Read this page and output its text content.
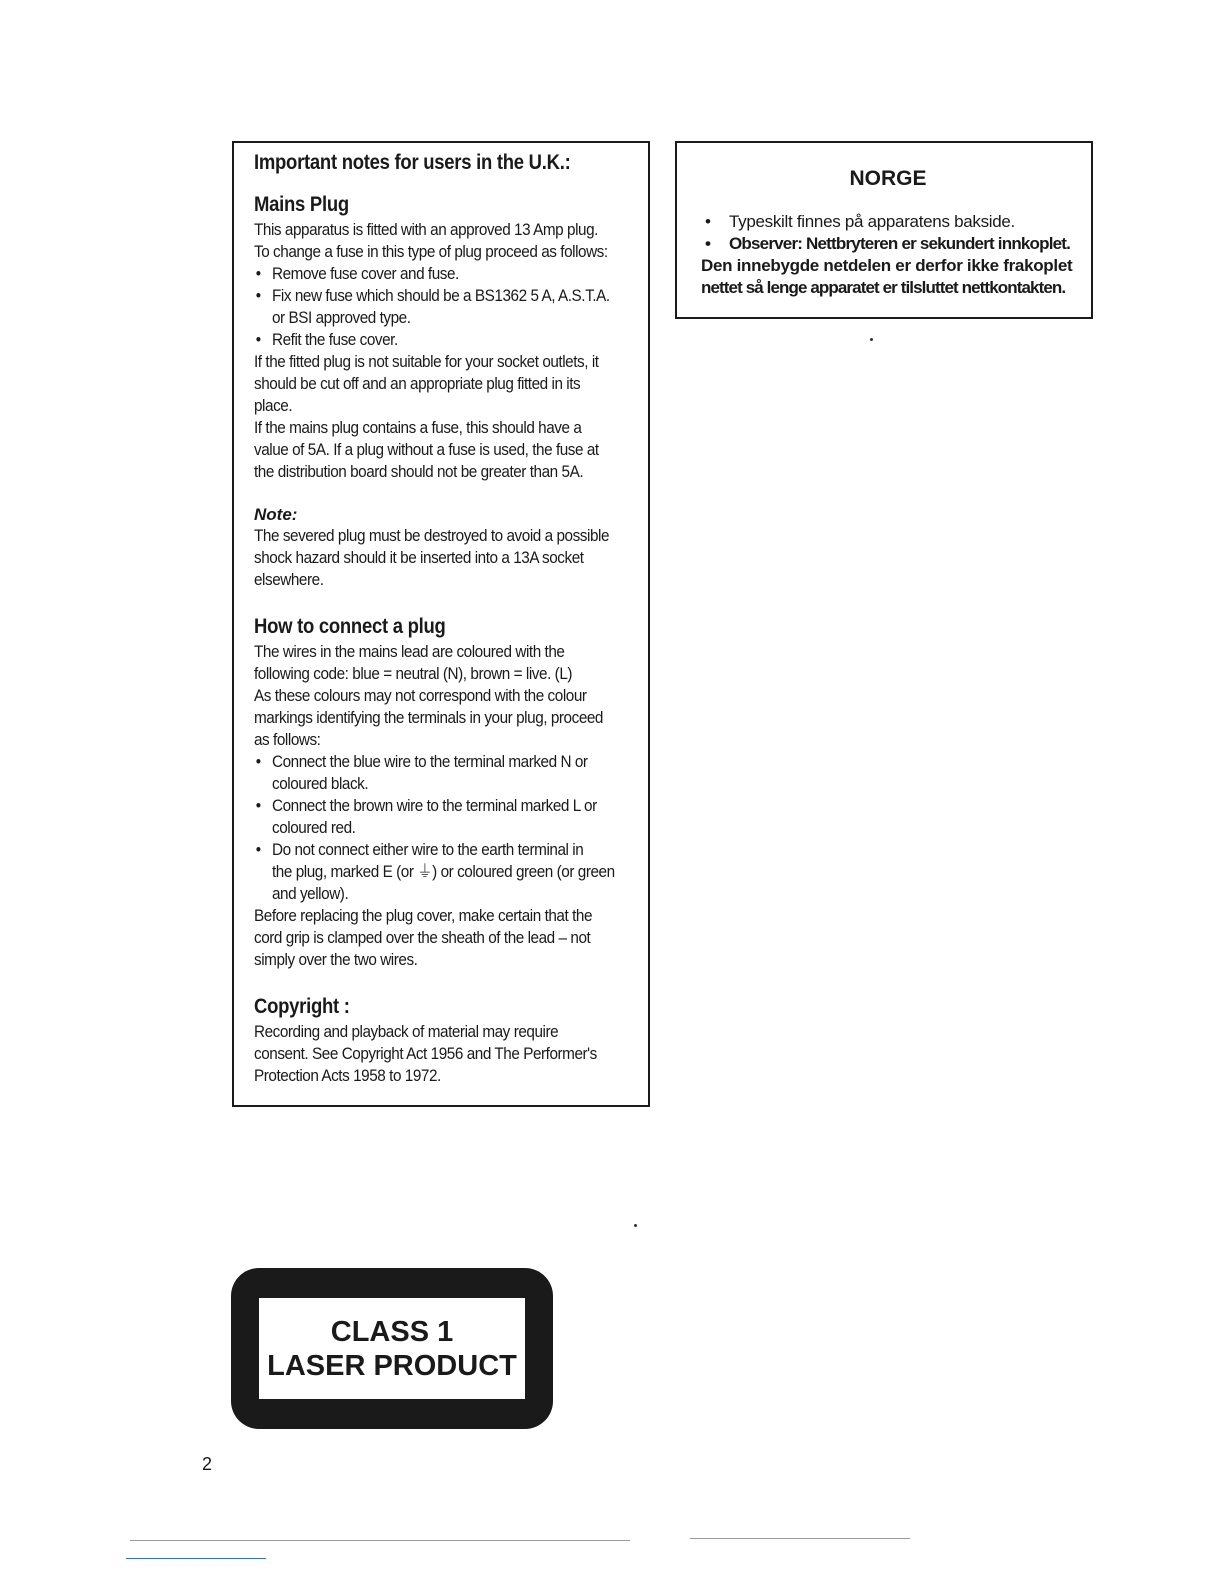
Important notes for users in the U.K.:
Mains Plug

This apparatus is fitted with an approved 13 Amp plug.

To change a fuse in this type of plug proceed as follows:

• Remove fuse cover and fuse.
• Fix new fuse which should be a BS1362 5 A, A.S.T.A.
or BSI approved type.
• Refit the fuse cover.

If the fitted plug is not suitable for your socket outlets, it

should be cut off and an appropriate plug fitted in its

place.

If the mains plug contains a fuse, this should have a

value of 5A. If a plug without a fuse is used, the fuse at

the distribution board should not be greater than 5A.

Note:

The severed plug must be destroyed to avoid a possible

shock hazard should it be inserted into a 13A socket

elsewhere.

How to connect a plug

The wires in the mains lead are coloured with the

following code: blue = neutral (N), brown = live. (L)

As these colours may not correspond with the colour

markings identifying the terminals in your plug, proceed

as follows:

• Connect the blue wire to the terminal marked N or
coloured black.
• Connect the brown wire to the terminal marked L or
coloured red.
• Do not connect either wire to the earth terminal in
the plug, marked E (or ⏚) or coloured green (or green
and yellow).

Before replacing the plug cover, make certain that the

cord grip is clamped over the sheath of the lead – not

simply over the two wires.

Copyright :

Recording and playback of material may require

consent. See Copyright Act 1956 and The Performer's

Protection Acts 1958 to 1972.

NORGE

• Typeskilt finnes på apparatens bakside.

• Observer: Nettbryteren er sekundert innkoplet.

Den innebygde netdelen er derfor ikke frakoplet

nettet så lenge apparatet er tilsluttet nettkontakten.

CLASS 1
LASER PRODUCT
2
